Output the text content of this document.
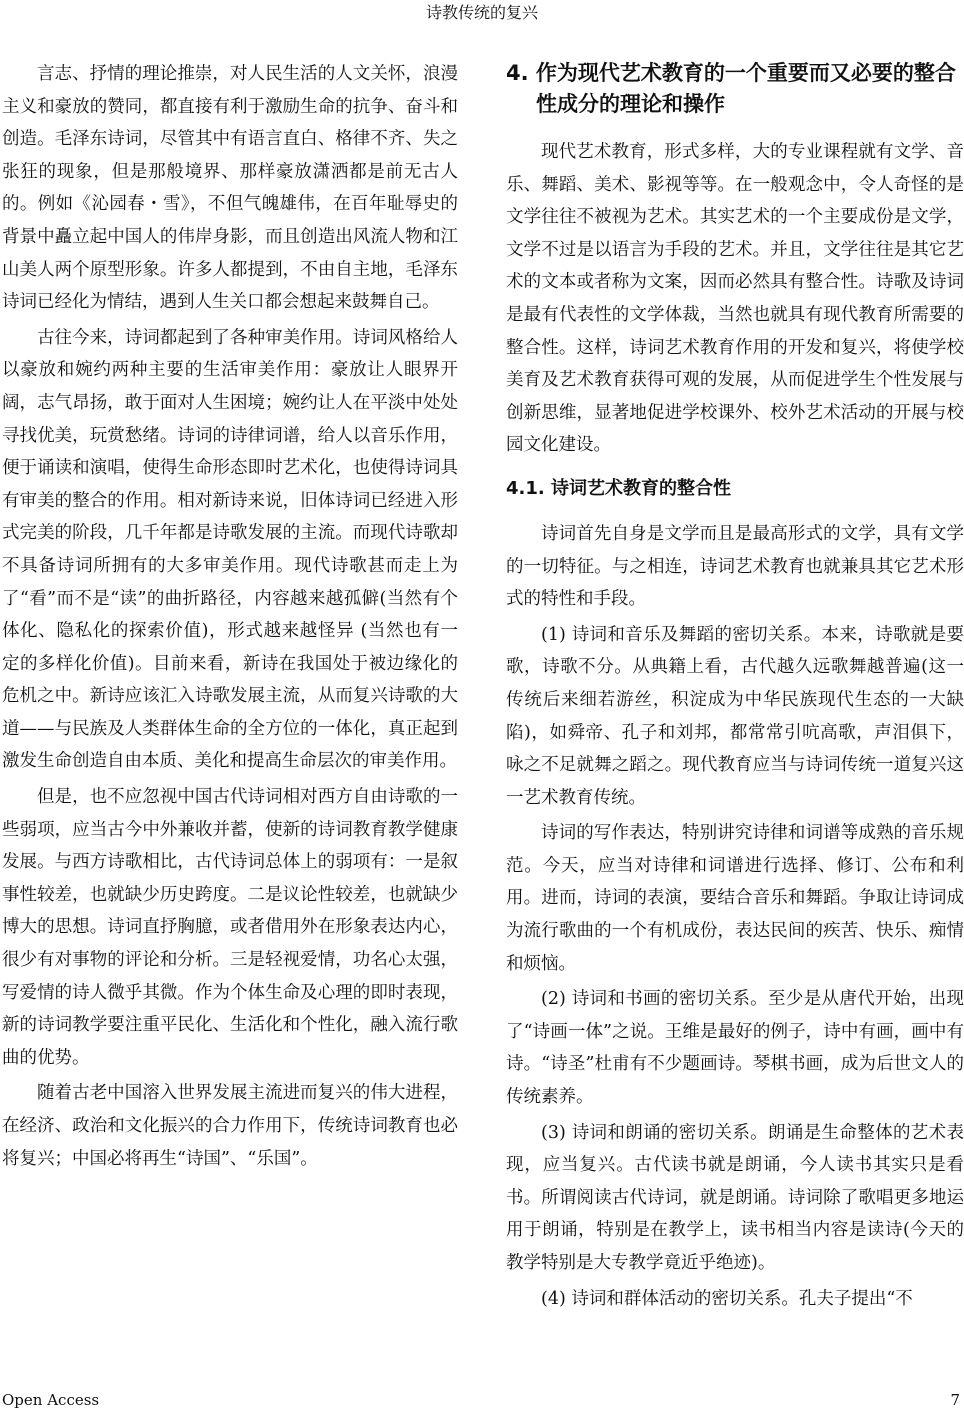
诗教传统的复兴

言志、抒情的理论推崇，对人民生活的人文关怀，浪漫主义和豪放的赞同，都直接有利于激励生命的抗争、奋斗和创造。毛泽东诗词，尽管其中有语言直白、格律不齐、失之张狂的现象，但是那般境界、那样豪放潇洒都是前无古人的。例如《沁园春・雪》，不但气魄雄伟，在百年耻辱史的背景中矗立起中国人的伟岸身影，而且创造出风流人物和江山美人两个原型形象。许多人都提到，不由自主地，毛泽东诗词已经化为情结，遇到人生关口都会想起来鼓舞自己。

古往今来，诗词都起到了各种审美作用。诗词风格给人以豪放和婉约两种主要的生活审美作用：豪放让人眼界开阔，志气昂扬，敢于面对人生困境；婉约让人在平淡中处处寻找优美，玩赏愁绪。诗词的诗律词谱，给人以音乐作用，便于诵读和演唱，使得生命形态即时艺术化，也使得诗词具有审美的整合的作用。相对新诗来说，旧体诗词已经进入形式完美的阶段，几千年都是诗歌发展的主流。而现代诗歌却不具备诗词所拥有的大多审美作用。现代诗歌甚而走上为了“看”而不是“读”的曲折路径，内容越来越孤僻(当然有个体化、隐私化的探索价值)，形式越来越怪异 (当然也有一定的多样化价值)。目前来看，新诗在我国处于被边缘化的危机之中。新诗应该汇入诗歌发展主流，从而复兴诗歌的大道——与民族及人类群体生命的全方位的一体化，真正起到激发生命创造自由本质、美化和提高生命层次的审美作用。

但是，也不应忽视中国古代诗词相对西方自由诗歌的一些弱项，应当古今中外兼收并蓄，使新的诗词教育教学健康发展。与西方诗歌相比，古代诗词总体上的弱项有：一是叙事性较差，也就缺少历史跨度。二是议论性较差，也就缺少博大的思想。诗词直抒胸臆，或者借用外在形象表达内心，很少有对事物的评论和分析。三是轻视爱情，功名心太强，写爱情的诗人微乎其微。作为个体生命及心理的即时表现，新的诗词教学要注重平民化、生活化和个性化，融入流行歌曲的优势。

随着古老中国溶入世界发展主流进而复兴的伟大进程，在经济、政治和文化振兴的合力作用下，传统诗词教育也必将复兴；中国必将再生“诗国”、“乐国”。

4. 作为现代艺术教育的一个重要而又必要的整合性成分的理论和操作

现代艺术教育，形式多样，大的专业课程就有文学、音乐、舞蹈、美术、影视等等。在一般观念中，令人奇怪的是文学往往不被视为艺术。其实艺术的一个主要成份是文学，文学不过是以语言为手段的艺术。并且，文学往往是其它艺术的文本或者称为文案，因而必然具有整合性。诗歌及诗词是最有代表性的文学体裁，当然也就具有现代教育所需要的整合性。这样，诗词艺术教育作用的开发和复兴，将使学校美育及艺术教育获得可观的发展，从而促进学生个性发展与创新思维，显著地促进学校课外、校外艺术活动的开展与校园文化建设。

4.1. 诗词艺术教育的整合性

诗词首先自身是文学而且是最高形式的文学，具有文学的一切特征。与之相连，诗词艺术教育也就兼具其它艺术形式的特性和手段。

(1) 诗词和音乐及舞蹈的密切关系。本来，诗歌就是要歌，诗歌不分。从典籍上看，古代越久远歌舞越普遍(这一传统后来细若游丝，积淀成为中华民族现代生态的一大缺陷)，如舜帝、孔子和刘邦，都常常引吭高歌，声泪俱下，咏之不足就舞之蹈之。现代教育应当与诗词传统一道复兴这一艺术教育传统。

诗词的写作表达，特别讲究诗律和词谱等成熟的音乐规范。今天，应当对诗律和词谱进行选择、修订、公布和利用。进而，诗词的表演，要结合音乐和舞蹈。争取让诗词成为流行歌曲的一个有机成份，表达民间的疾苦、快乐、痴情和烦恼。

(2) 诗词和书画的密切关系。至少是从唐代开始，出现了“诗画一体”之说。王维是最好的例子，诗中有画，画中有诗。“诗圣”杜甫有不少题画诗。琴棋书画，成为后世文人的传统素养。

(3) 诗词和朗诵的密切关系。朗诵是生命整体的艺术表现，应当复兴。古代读书就是朗诵，今人读书其实只是看书。所谓阅读古代诗词，就是朗诵。诗词除了歌唱更多地运用于朗诵，特别是在教学上，读书相当内容是读诗(今天的教学特别是大专教学竟近乎绝迹)。

(4) 诗词和群体活动的密切关系。孔夫子提出“不

Open Access	7
